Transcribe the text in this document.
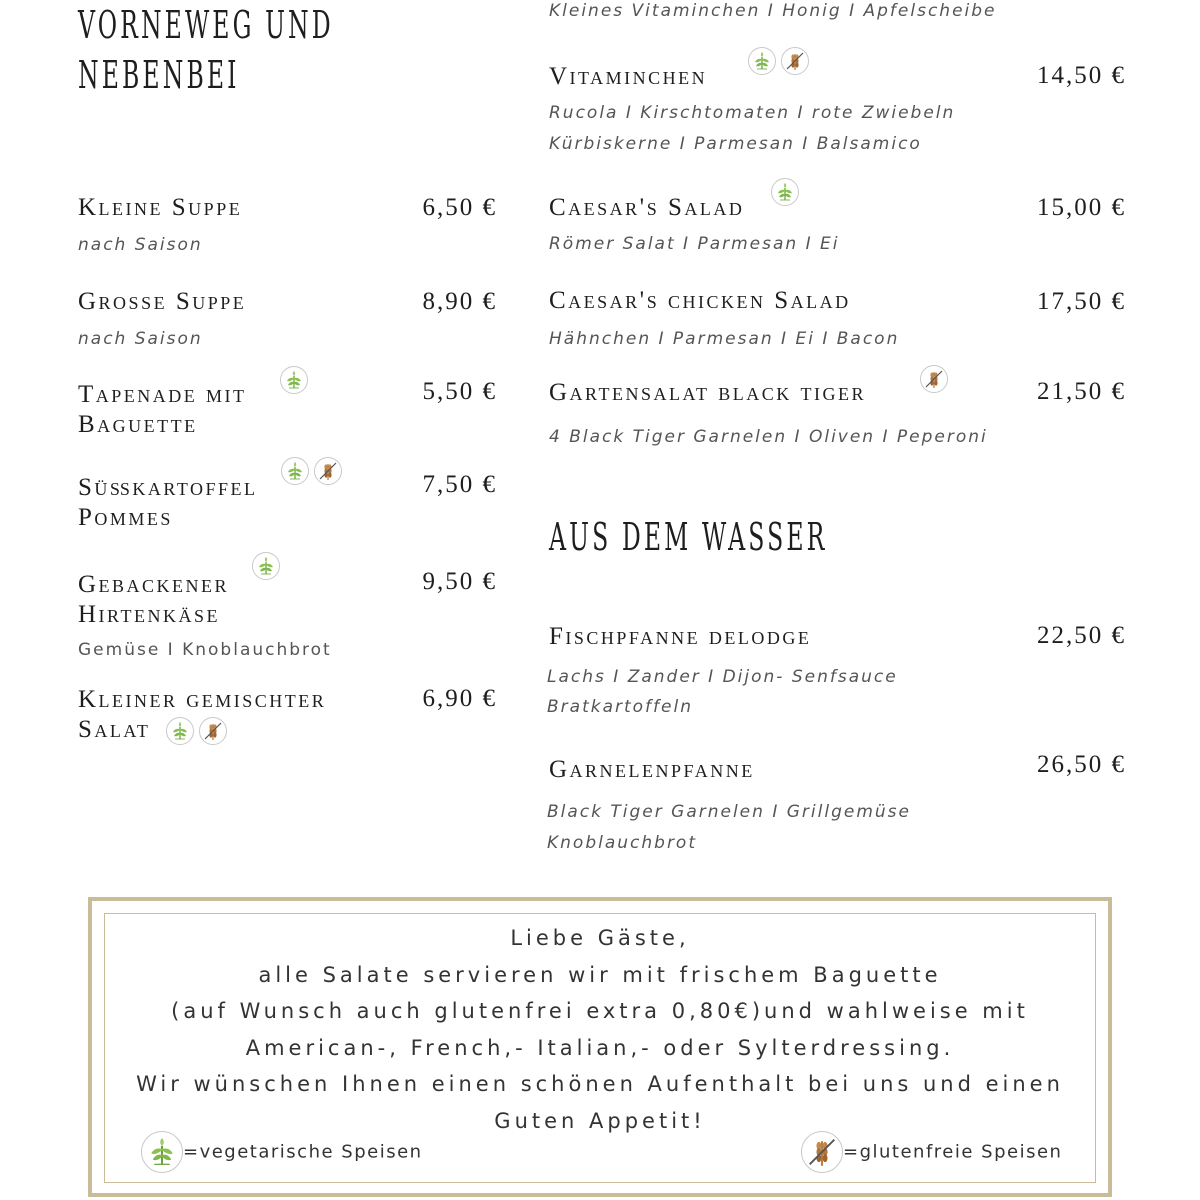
VORNEWEG UND
NEBENBEI
Kleine Suppe	6,50 €
nach Saison
Grosse Suppe	8,90 €
nach Saison
Tapenade mit
Baguette
5,50 €
Süßkartoffel
Pommes
7,50 €
Gebackener
Hirtenkäse
9,50 €
Gemüse I Knoblauchbrot
Kleiner gemischter
Salat
6,90 €
Kleines Vitaminchen I Honig I Apfelscheibe
Vitaminchen	14,50 €
Rucola I Kirschtomaten I rote Zwiebeln
Kürbiskerne I Parmesan I Balsamico
Caesar's Salad	15,00 €
Römer Salat I Parmesan I Ei
Caesar's chicken Salad	17,50 €
Hähnchen I Parmesan I Ei I Bacon
Gartensalat black tiger	21,50 €
4 Black Tiger Garnelen I Oliven I Peperoni
AUS DEM WASSER
Fischpfanne delodge	22,50 €
Lachs I Zander I Dijon- Senfsauce
Bratkartoffeln
Garnelenpfanne	26,50 €
Black Tiger Garnelen I Grillgemüse
Knoblauchbrot
Liebe Gäste,
alle Salate servieren wir mit frischem Baguette
(auf Wunsch auch glutenfrei extra 0,80€)und wahlweise mit
American-, French,- Italian,- oder Sylterdressing.
Wir wünschen Ihnen einen schönen Aufenthalt bei uns und einen
Guten Appetit!
=vegetarische Speisen	=glutenfreie Speisen
